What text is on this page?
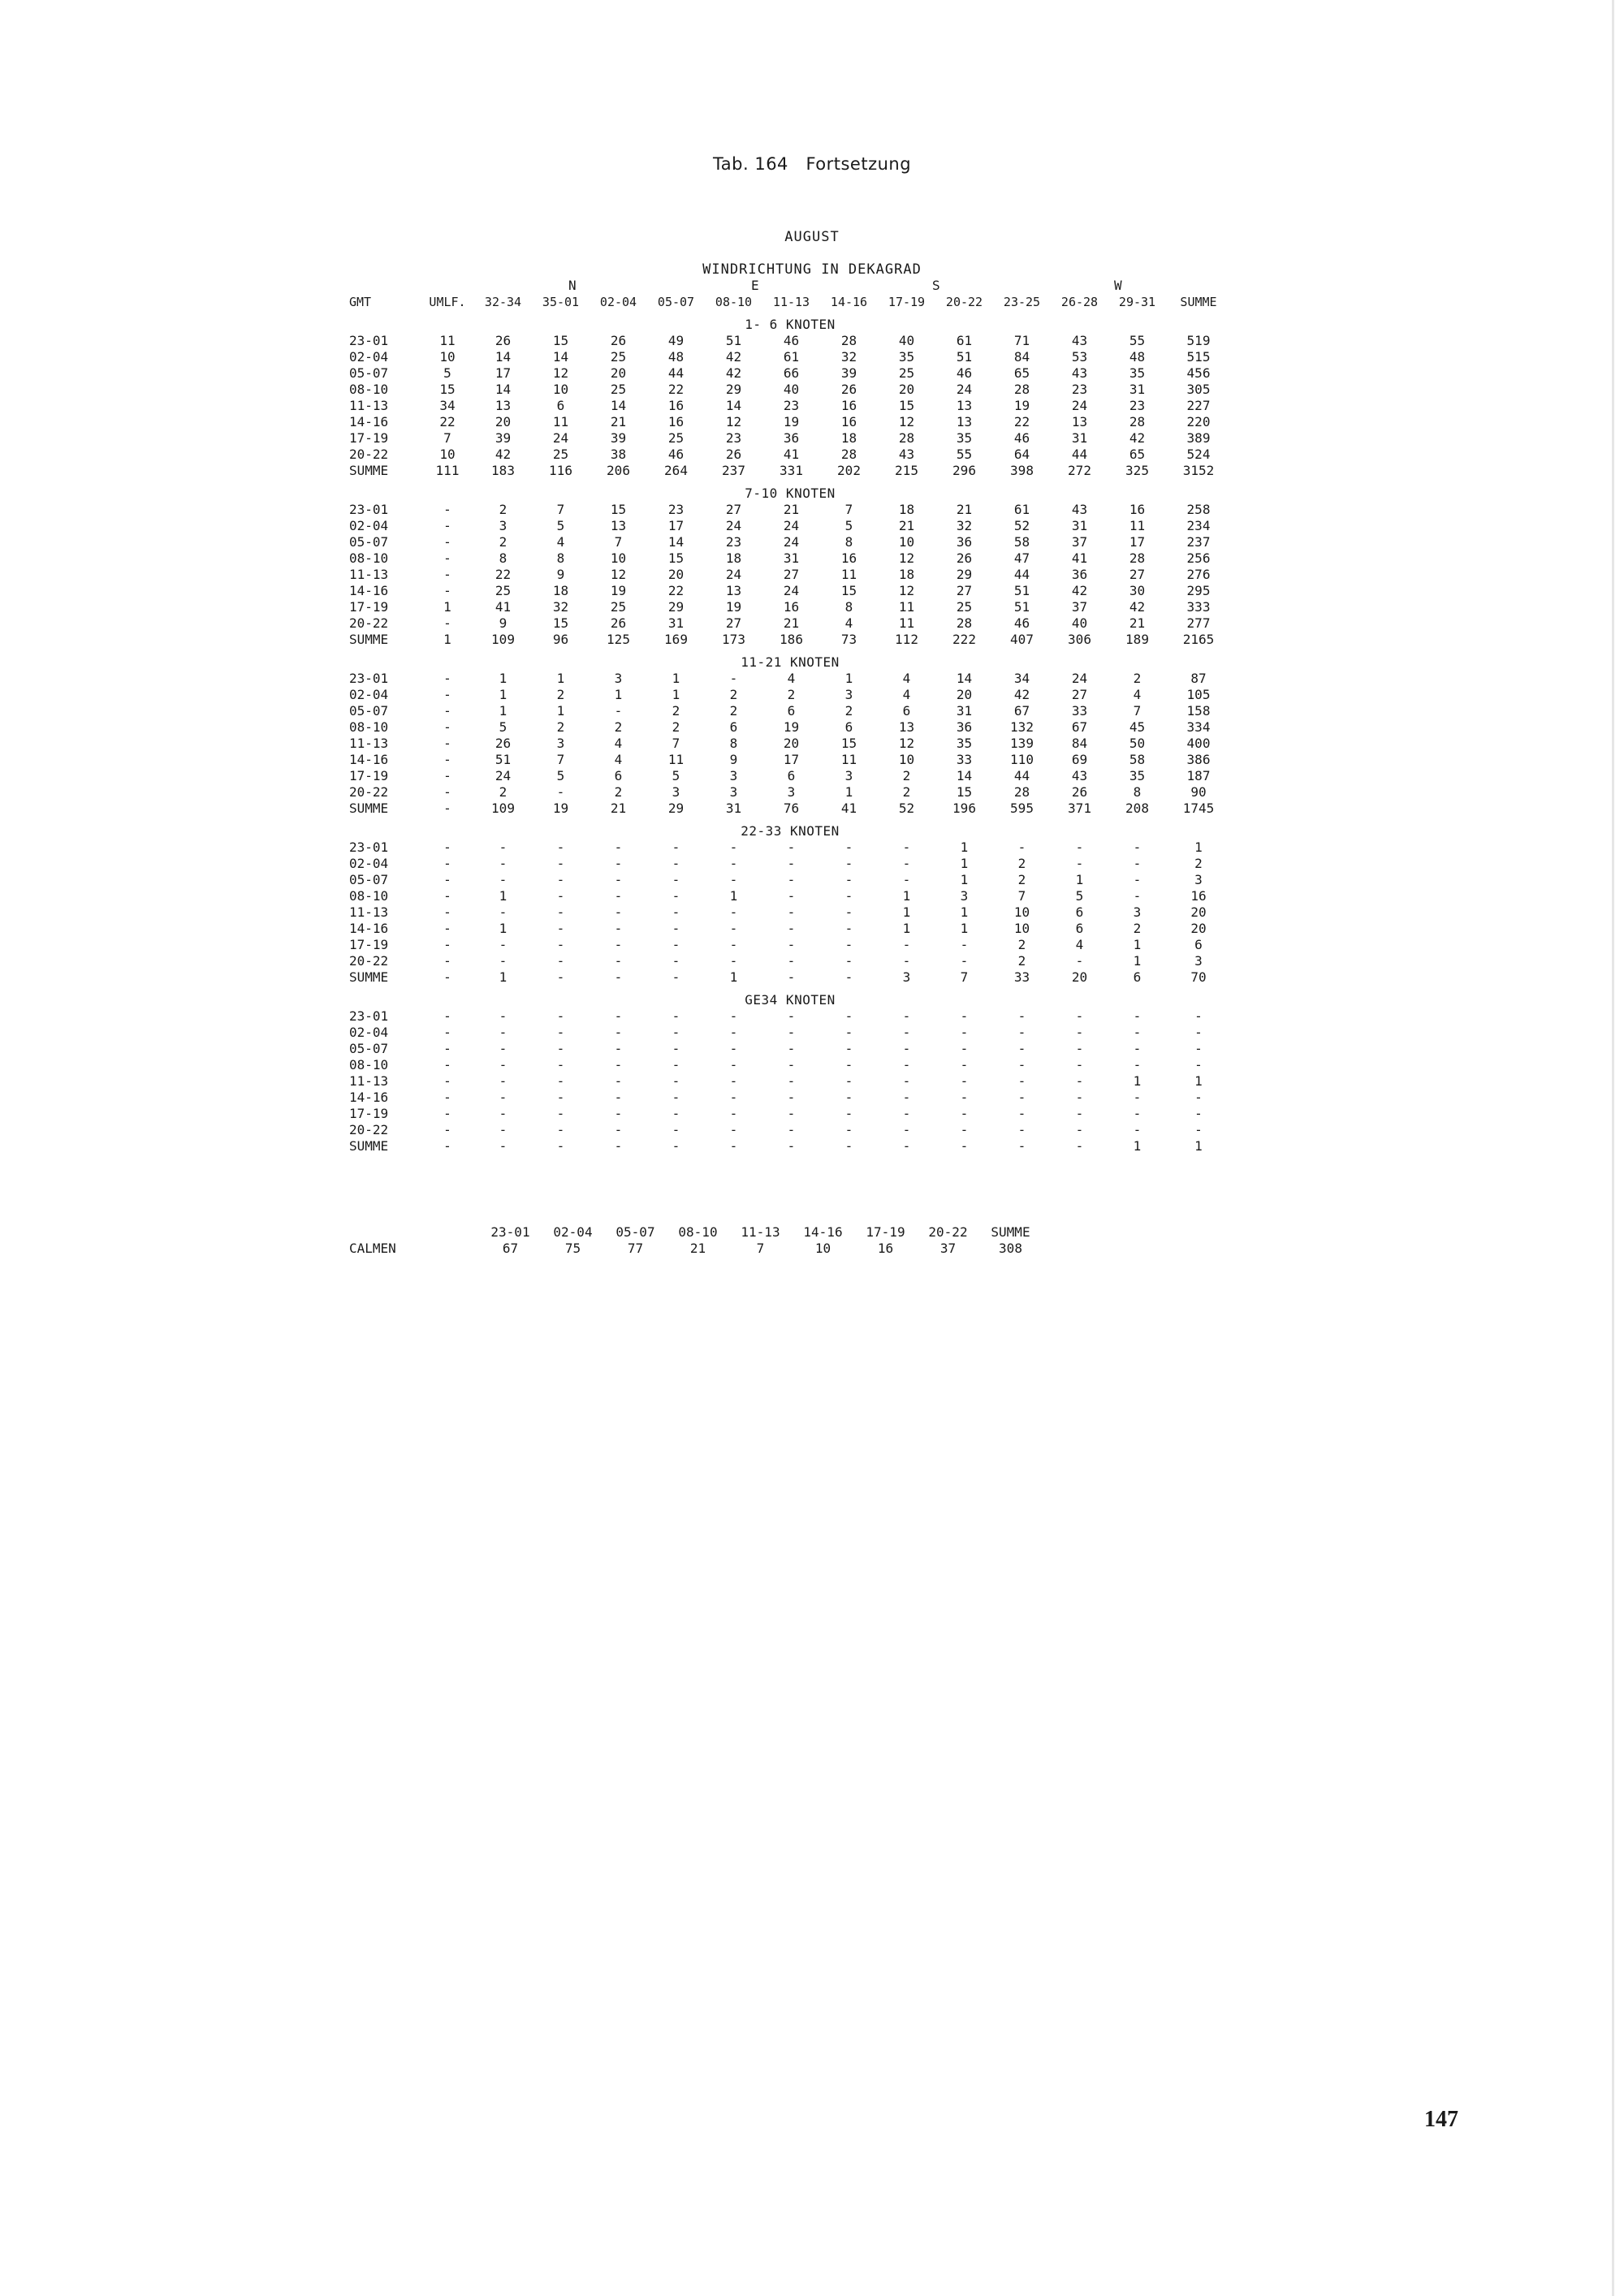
Tab. 164   Fortsetzung
AUGUST
WINDRICHTUNG IN DEKAGRAD
N	E	S	W
GMT	UMLF.	32-34	35-01	02-04	05-07	08-10	11-13	14-16	17-19	20-22	23-25	26-28	29-31	SUMME

1- 6 KNOTEN														
23-01	11	26	15	26	49	51	46	28	40	61	71	43	55	519
02-04	10	14	14	25	48	42	61	32	35	51	84	53	48	515
05-07	5	17	12	20	44	42	66	39	25	46	65	43	35	456
08-10	15	14	10	25	22	29	40	26	20	24	28	23	31	305
11-13	34	13	6	14	16	14	23	16	15	13	19	24	23	227
14-16	22	20	11	21	16	12	19	16	12	13	22	13	28	220
17-19	7	39	24	39	25	23	36	18	28	35	46	31	42	389
20-22	10	42	25	38	46	26	41	28	43	55	64	44	65	524
SUMME	111	183	116	206	264	237	331	202	215	296	398	272	325	3152

7-10 KNOTEN														
23-01	-	2	7	15	23	27	21	7	18	21	61	43	16	258
02-04	-	3	5	13	17	24	24	5	21	32	52	31	11	234
05-07	-	2	4	7	14	23	24	8	10	36	58	37	17	237
08-10	-	8	8	10	15	18	31	16	12	26	47	41	28	256
11-13	-	22	9	12	20	24	27	11	18	29	44	36	27	276
14-16	-	25	18	19	22	13	24	15	12	27	51	42	30	295
17-19	1	41	32	25	29	19	16	8	11	25	51	37	42	333
20-22	-	9	15	26	31	27	21	4	11	28	46	40	21	277
SUMME	1	109	96	125	169	173	186	73	112	222	407	306	189	2165

11-21 KNOTEN														
23-01	-	1	1	3	1	-	4	1	4	14	34	24	2	87
02-04	-	1	2	1	1	2	2	3	4	20	42	27	4	105
05-07	-	1	1	-	2	2	6	2	6	31	67	33	7	158
08-10	-	5	2	2	2	6	19	6	13	36	132	67	45	334
11-13	-	26	3	4	7	8	20	15	12	35	139	84	50	400
14-16	-	51	7	4	11	9	17	11	10	33	110	69	58	386
17-19	-	24	5	6	5	3	6	3	2	14	44	43	35	187
20-22	-	2	-	2	3	3	3	1	2	15	28	26	8	90
SUMME	-	109	19	21	29	31	76	41	52	196	595	371	208	1745

22-33 KNOTEN														
23-01	-	-	-	-	-	-	-	-	-	1	-	-	-	1
02-04	-	-	-	-	-	-	-	-	-	1	2	-	-	2
05-07	-	-	-	-	-	-	-	-	-	1	2	1	-	3
08-10	-	1	-	-	-	1	-	-	1	3	7	5	-	16
11-13	-	-	-	-	-	-	-	-	1	1	10	6	3	20
14-16	-	1	-	-	-	-	-	-	1	1	10	6	2	20
17-19	-	-	-	-	-	-	-	-	-	-	2	4	1	6
20-22	-	-	-	-	-	-	-	-	-	-	2	-	1	3
SUMME	-	1	-	-	-	1	-	-	3	7	33	20	6	70

GE34 KNOTEN														
23-01	-	-	-	-	-	-	-	-	-	-	-	-	-	-
02-04	-	-	-	-	-	-	-	-	-	-	-	-	-	-
05-07	-	-	-	-	-	-	-	-	-	-	-	-	-	-
08-10	-	-	-	-	-	-	-	-	-	-	-	-	-	-
11-13	-	-	-	-	-	-	-	-	-	-	-	-	1	1
14-16	-	-	-	-	-	-	-	-	-	-	-	-	-	-
17-19	-	-	-	-	-	-	-	-	-	-	-	-	-	-
20-22	-	-	-	-	-	-	-	-	-	-	-	-	-	-
SUMME	-	-	-	-	-	-	-	-	-	-	-	-	1	1
	23-01	02-04	05-07	08-10	11-13	14-16	17-19	20-22	SUMME
CALMEN	67	75	77	21	7	10	16	37	308
147
